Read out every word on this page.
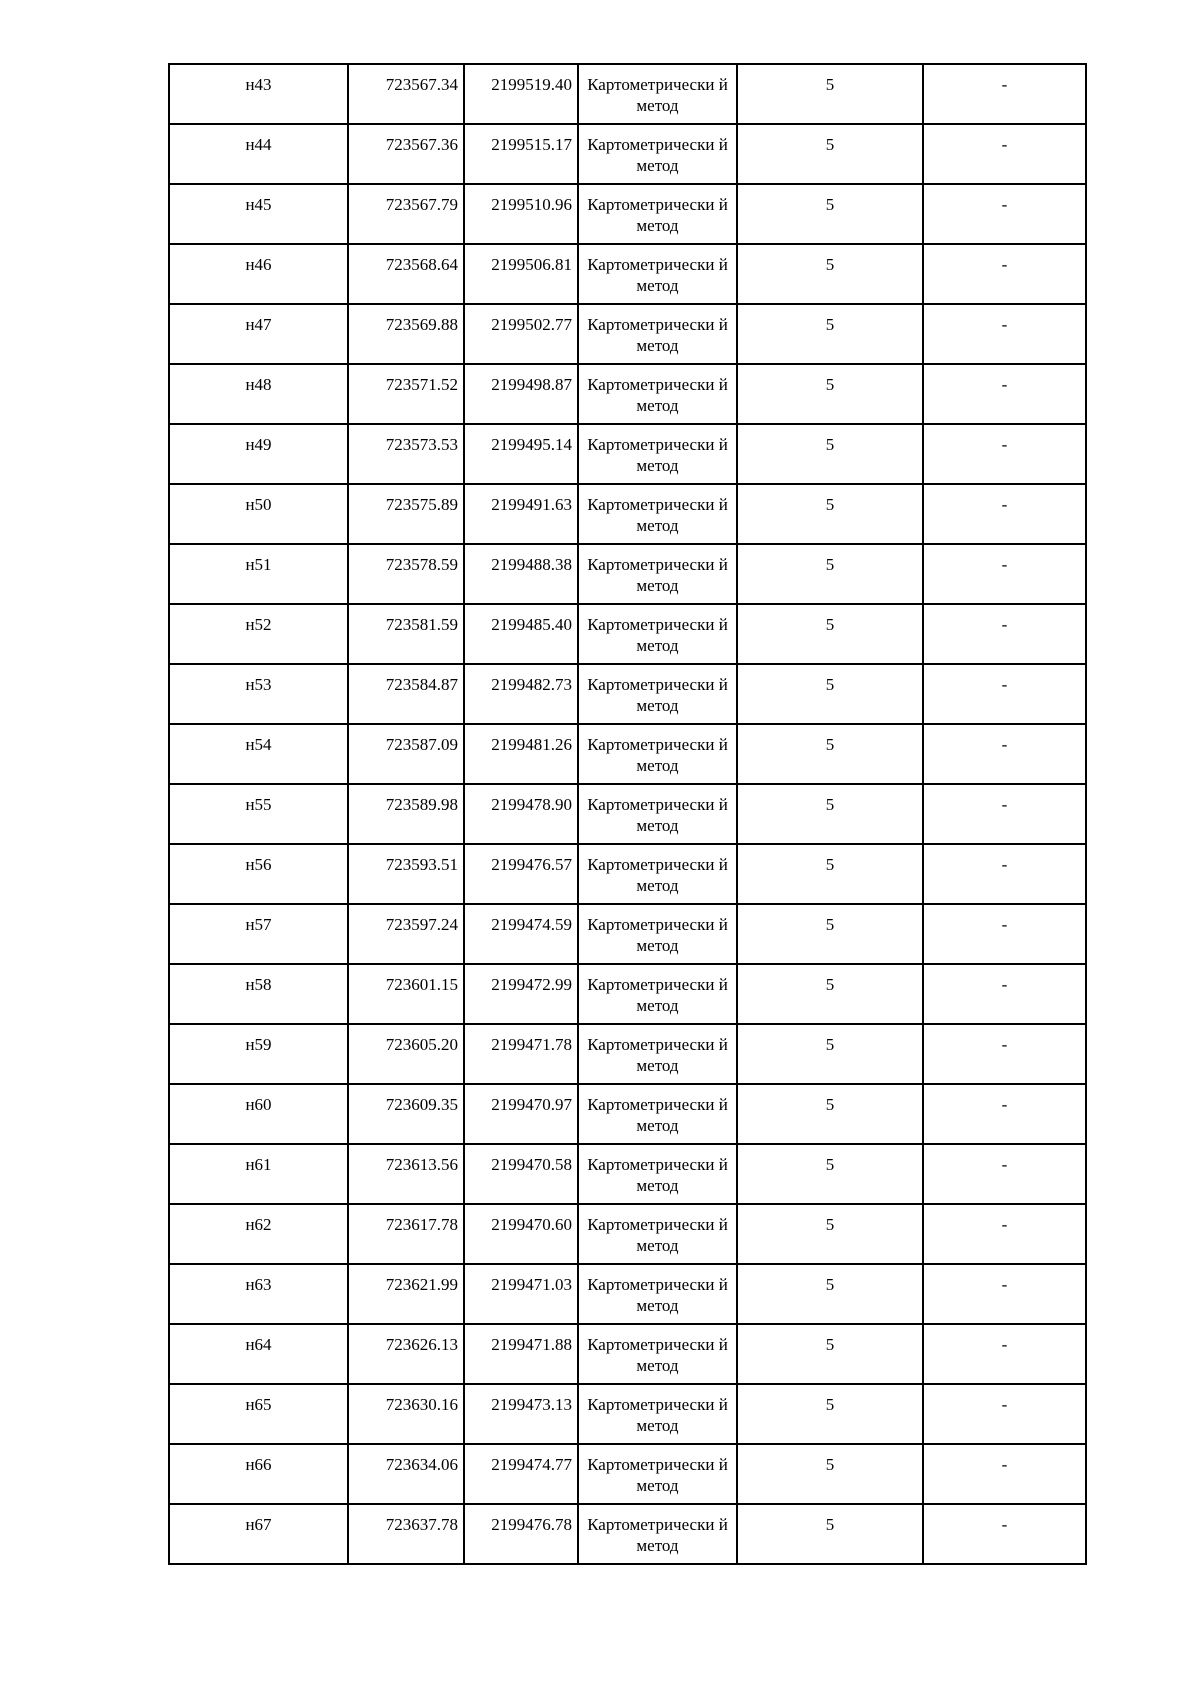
н43	723567.34	2199519.40	Картометрически й метод	5	-
н44	723567.36	2199515.17	Картометрически й метод	5	-
н45	723567.79	2199510.96	Картометрически й метод	5	-
н46	723568.64	2199506.81	Картометрически й метод	5	-
н47	723569.88	2199502.77	Картометрически й метод	5	-
н48	723571.52	2199498.87	Картометрически й метод	5	-
н49	723573.53	2199495.14	Картометрически й метод	5	-
н50	723575.89	2199491.63	Картометрически й метод	5	-
н51	723578.59	2199488.38	Картометрически й метод	5	-
н52	723581.59	2199485.40	Картометрически й метод	5	-
н53	723584.87	2199482.73	Картометрически й метод	5	-
н54	723587.09	2199481.26	Картометрически й метод	5	-
н55	723589.98	2199478.90	Картометрически й метод	5	-
н56	723593.51	2199476.57	Картометрически й метод	5	-
н57	723597.24	2199474.59	Картометрически й метод	5	-
н58	723601.15	2199472.99	Картометрически й метод	5	-
н59	723605.20	2199471.78	Картометрически й метод	5	-
н60	723609.35	2199470.97	Картометрически й метод	5	-
н61	723613.56	2199470.58	Картометрически й метод	5	-
н62	723617.78	2199470.60	Картометрически й метод	5	-
н63	723621.99	2199471.03	Картометрически й метод	5	-
н64	723626.13	2199471.88	Картометрически й метод	5	-
н65	723630.16	2199473.13	Картометрически й метод	5	-
н66	723634.06	2199474.77	Картометрически й метод	5	-
н67	723637.78	2199476.78	Картометрически й метод	5	-
